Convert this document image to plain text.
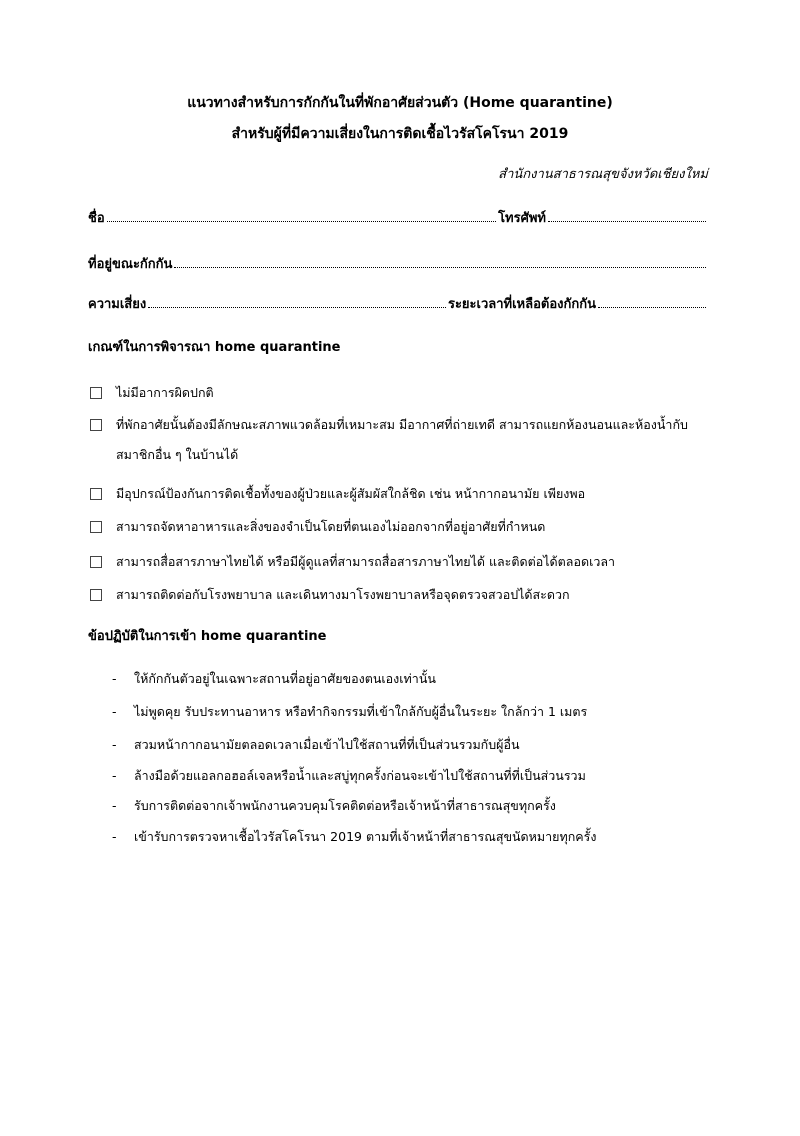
แนวทางสำหรับการกักกันในที่พักอาศัยส่วนตัว (Home quarantine)
สำหรับผู้ที่มีความเสี่ยงในการติดเชื้อไวรัสโคโรนา 2019
สำนักงานสาธารณสุขจังหวัดเชียงใหม่
ชื่อ	โทรศัพท์
ที่อยู่ขณะกักกัน
ความเสี่ยง	ระยะเวลาที่เหลือต้องกักกัน
เกณฑ์ในการพิจารณา home quarantine
ไม่มีอาการผิดปกติ
ที่พักอาศัยนั้นต้องมีลักษณะสภาพแวดล้อมที่เหมาะสม มีอากาศที่ถ่ายเทดี สามารถแยกห้องนอนและห้องน้ำกับสมาชิกอื่น ๆ ในบ้านได้
มีอุปกรณ์ป้องกันการติดเชื้อทั้งของผู้ป่วยและผู้สัมผัสใกล้ชิด เช่น หน้ากากอนามัย เพียงพอ
สามารถจัดหาอาหารและสิ่งของจำเป็นโดยที่ตนเองไม่ออกจากที่อยู่อาศัยที่กำหนด
สามารถสื่อสารภาษาไทยได้ หรือมีผู้ดูแลที่สามารถสื่อสารภาษาไทยได้ และติดต่อได้ตลอดเวลา
สามารถติดต่อกับโรงพยาบาล และเดินทางมาโรงพยาบาลหรือจุดตรวจสวอปได้สะดวก
ข้อปฏิบัติในการเข้า home quarantine
-	ให้กักกันตัวอยู่ในเฉพาะสถานที่อยู่อาศัยของตนเองเท่านั้น
-	ไม่พูดคุย รับประทานอาหาร หรือทำกิจกรรมที่เข้าใกล้กับผู้อื่นในระยะ ใกล้กว่า 1 เมตร
-	สวมหน้ากากอนามัยตลอดเวลาเมื่อเข้าไปใช้สถานที่ที่เป็นส่วนรวมกับผู้อื่น
-	ล้างมือด้วยแอลกอฮอล์เจลหรือน้ำและสบู่ทุกครั้งก่อนจะเข้าไปใช้สถานที่ที่เป็นส่วนรวม
-	รับการติดต่อจากเจ้าพนักงานควบคุมโรคติดต่อหรือเจ้าหน้าที่สาธารณสุขทุกครั้ง
-	เข้ารับการตรวจหาเชื้อไวรัสโคโรนา 2019 ตามที่เจ้าหน้าที่สาธารณสุขนัดหมายทุกครั้ง
